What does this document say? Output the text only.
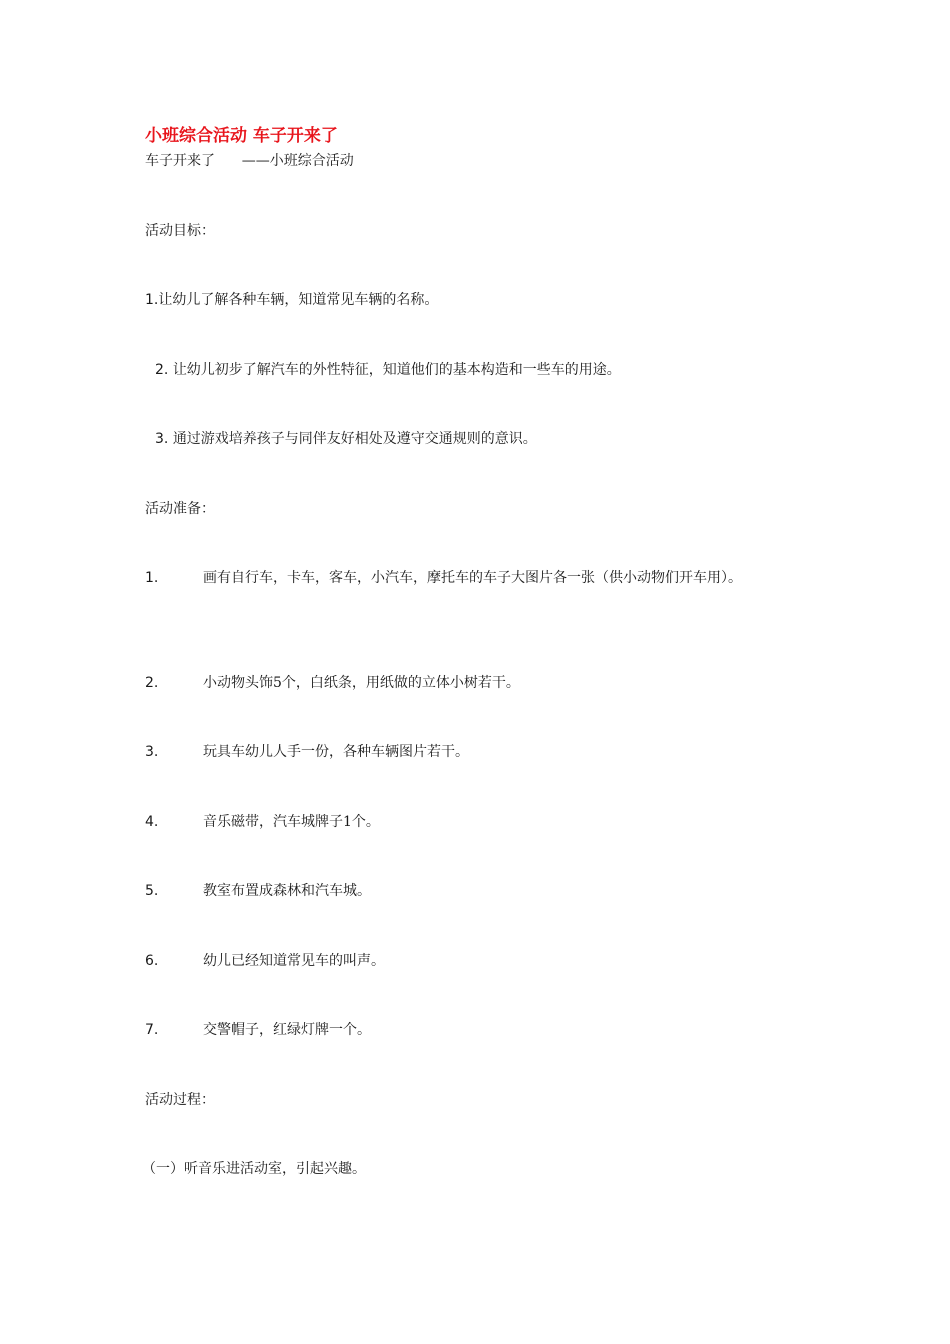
小班综合活动 车子开来了

车子开来了      ——小班综合活动

活动目标：

1.让幼儿了解各种车辆，知道常见车辆的名称。

2. 让幼儿初步了解汽车的外性特征，知道他们的基本构造和一些车的用途。

3. 通过游戏培养孩子与同伴友好相处及遵守交通规则的意识。

活动准备：

1.	画有自行车，卡车，客车，小汽车，摩托车的车子大图片各一张（供小动物们开车用）。

2.	小动物头饰5个，白纸条，用纸做的立体小树若干。
3.	玩具车幼儿人手一份，各种车辆图片若干。
4.	音乐磁带，汽车城牌子1个。
5.	教室布置成森林和汽车城。
6.	幼儿已经知道常见车的叫声。
7.	交警帽子，红绿灯牌一个。

活动过程：

（一）听音乐进活动室，引起兴趣。
